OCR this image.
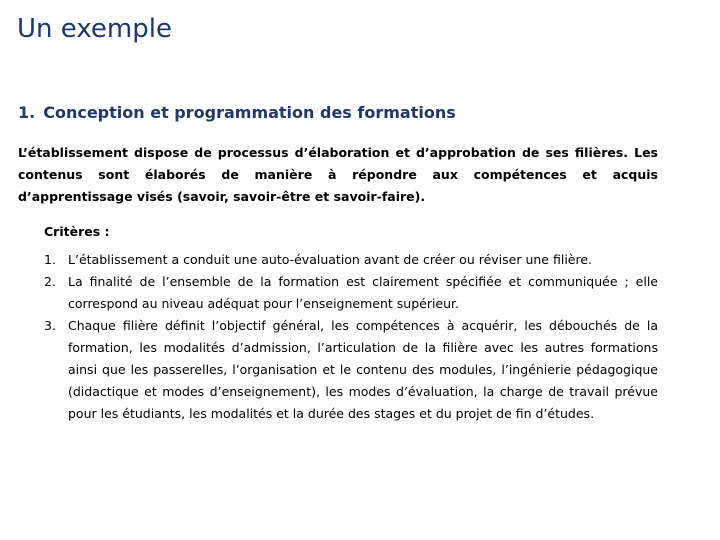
Un exemple
1. Conception et programmation des formations

L’établissement dispose de processus d’élaboration et d’approbation de ses filières. Les contenus sont élaborés de manière à répondre aux compétences et acquis d’apprentissage visés (savoir, savoir-être et savoir-faire).

Critères :
1. L’établissement a conduit une auto-évaluation avant de créer ou réviser une filière.
2. La finalité de l’ensemble de la formation est clairement spécifiée et communiquée ; elle correspond au niveau adéquat pour l’enseignement supérieur.
3. Chaque filière définit l’objectif général, les compétences à acquérir, les débouchés de la formation, les modalités d’admission, l’articulation de la filière avec les autres formations ainsi que les passerelles, l’organisation et le contenu des modules, l’ingénierie pédagogique (didactique et modes d’enseignement), les modes d’évaluation, la charge de travail prévue pour les étudiants, les modalités et la durée des stages et du projet de fin d’études.
